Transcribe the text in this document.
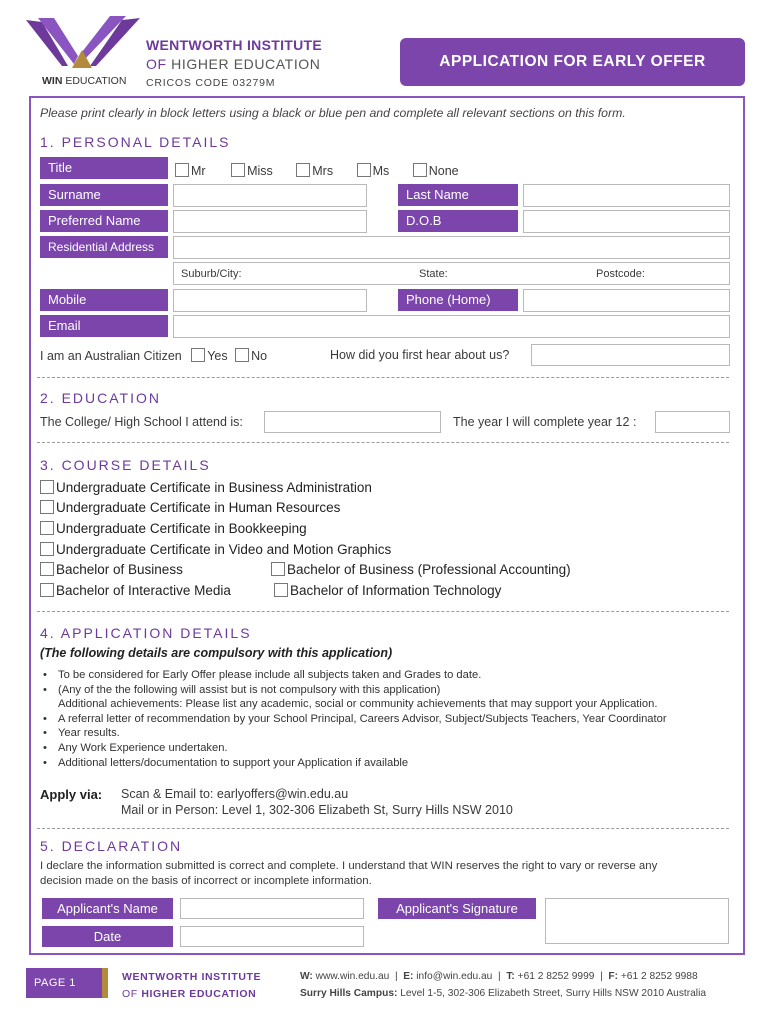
WIN EDUCATION
WENTWORTH INSTITUTE
OF HIGHER EDUCATION
CRICOS CODE 03279M
APPLICATION FOR EARLY OFFER
Please print clearly in block letters using a black or blue pen and complete all relevant sections on this form.
1. PERSONAL DETAILS
Title	Mr	Miss	Mrs	Ms	None
Surname	Last Name
Preferred Name	D.O.B
Residential Address
Suburb/City:	State:	Postcode:
Mobile	Phone (Home)
Email
I am an Australian Citizen Yes No	How did you first hear about us?
2. EDUCATION
The College/ High School I attend is:	The year I will complete year 12 :
3. COURSE DETAILS
Undergraduate Certificate in Business Administration
Undergraduate Certificate in Human Resources
Undergraduate Certificate in Bookkeeping
Undergraduate Certificate in Video and Motion Graphics
Bachelor of Business	Bachelor of Business (Professional Accounting)
Bachelor of Interactive Media	Bachelor of Information Technology
4. APPLICATION DETAILS
(The following details are compulsory with this application)
• To be considered for Early Offer please include all subjects taken and Grades to date.
• (Any of the the following will assist but is not compulsory with this application)
Additional achievements: Please list any academic, social or community achievements that may support your Application.
• A referral letter of recommendation by your School Principal, Careers Advisor, Subject/Subjects Teachers, Year Coordinator
• Year results.
• Any Work Experience undertaken.
• Additional letters/documentation to support your Application if available
Apply via: Scan & Email to: earlyoffers@win.edu.au
Mail or in Person: Level 1, 302-306 Elizabeth St, Surry Hills NSW 2010
5. DECLARATION
I declare the information submitted is correct and complete. I understand that WIN reserves the right to vary or reverse any
decision made on the basis of incorrect or incomplete information.
Applicant's Name	Applicant's Signature
Date
PAGE 1	WENTWORTH INSTITUTE
OF HIGHER EDUCATION
W: www.win.edu.au  |  E: info@win.edu.au  |  T: +61 2 8252 9999  |  F: +61 2 8252 9988
Surry Hills Campus: Level 1-5, 302-306 Elizabeth Street, Surry Hills NSW 2010 Australia
